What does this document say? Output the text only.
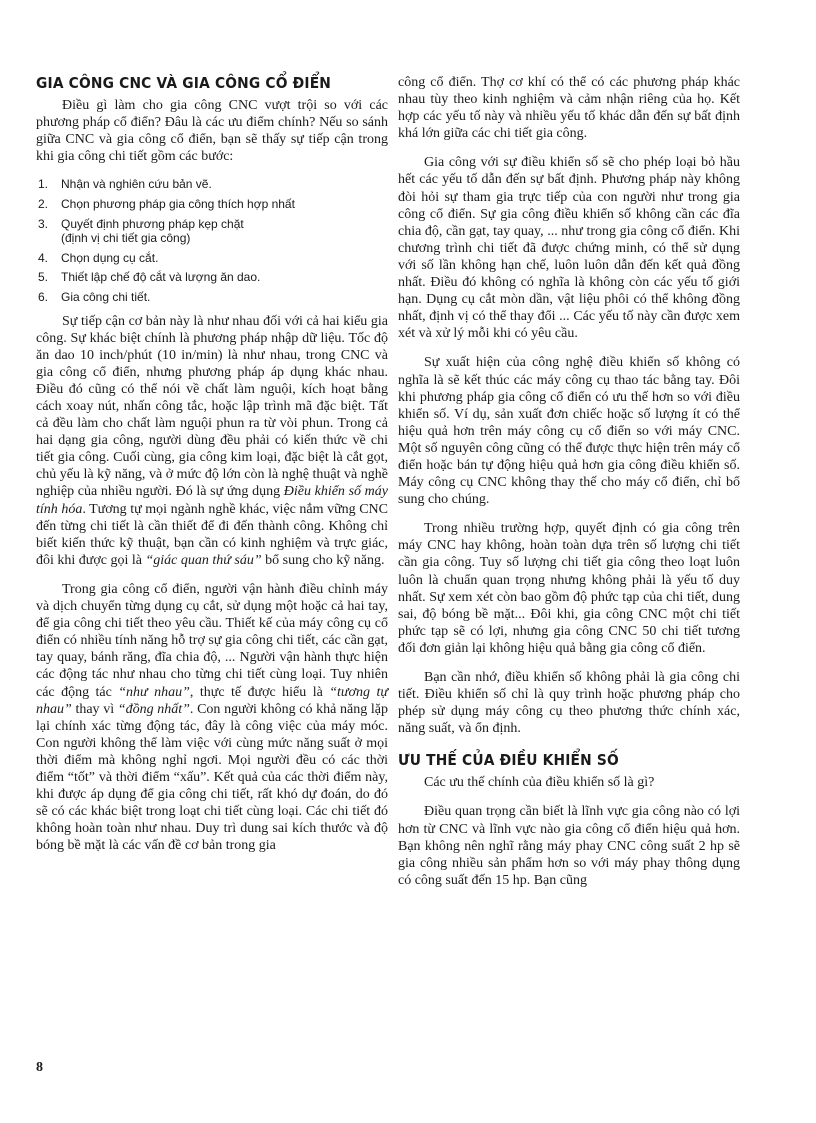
GIA CÔNG CNC VÀ GIA CÔNG CỔ ĐIỂN

Điều gì làm cho gia công CNC vượt trội so với các phương pháp cổ điển? Đâu là các ưu điểm chính? Nếu so sánh giữa CNC và gia công cổ điển, bạn sẽ thấy sự tiếp cận trong khi gia công chi tiết gồm các bước:

1. Nhận và nghiên cứu bản vẽ.
2. Chọn phương pháp gia công thích hợp nhất
3. Quyết định phương pháp kẹp chặt
(định vị chi tiết gia công)
4. Chọn dụng cụ cắt.
5. Thiết lập chế độ cắt và lượng ăn dao.
6. Gia công chi tiết.

Sự tiếp cận cơ bản này là như nhau đối với cả hai kiểu gia công. Sự khác biệt chính là phương pháp nhập dữ liệu. Tốc độ ăn dao 10 inch/phút (10 in/min) là như nhau, trong CNC và gia công cổ điển, nhưng phương pháp áp dụng khác nhau. Điều đó cũng có thể nói về chất làm nguội, kích hoạt bằng cách xoay nút, nhấn công tắc, hoặc lập trình mã đặc biệt. Tất cả đều làm cho chất làm nguội phun ra từ vòi phun. Trong cả hai dạng gia công, người dùng đều phải có kiến thức về chi tiết gia công. Cuối cùng, gia công kim loại, đặc biệt là cắt gọt, chủ yếu là kỹ năng, và ở mức độ lớn còn là nghệ thuật và nghề nghiệp của nhiều người. Đó là sự ứng dụng Điều khiển số máy tính hóa. Tương tự mọi ngành nghề khác, việc nắm vững CNC đến từng chi tiết là cần thiết để đi đến thành công. Không chỉ biết kiến thức kỹ thuật, bạn cần có kinh nghiệm và trực giác, đôi khi được gọi là “giác quan thứ sáu” bổ sung cho kỹ năng.

Trong gia công cổ điển, người vận hành điều chỉnh máy và dịch chuyển từng dụng cụ cắt, sử dụng một hoặc cả hai tay, để gia công chi tiết theo yêu cầu. Thiết kế của máy công cụ cổ điển có nhiều tính năng hỗ trợ sự gia công chi tiết, các cần gạt, tay quay, bánh răng, đĩa chia độ, ... Người vận hành thực hiện các động tác như nhau cho từng chi tiết cùng loại. Tuy nhiên các động tác “như nhau”, thực tế được hiểu là “tương tự nhau” thay vì “đồng nhất”. Con người không có khả năng lặp lại chính xác từng động tác, đây là công việc của máy móc. Con người không thể làm việc với cùng mức năng suất ở mọi thời điểm mà không nghỉ ngơi. Mọi người đều có các thời điểm “tốt” và thời điểm “xấu”. Kết quả của các thời điểm này, khi được áp dụng để gia công chi tiết, rất khó dự đoán, do đó sẽ có các khác biệt trong loạt chi tiết cùng loại. Các chi tiết đó không hoàn toàn như nhau. Duy trì dung sai kích thước và độ bóng bề mặt là các vấn đề cơ bản trong gia

công cổ điển. Thợ cơ khí có thể có các phương pháp khác nhau tùy theo kinh nghiệm và cảm nhận riêng của họ. Kết hợp các yếu tố này và nhiều yếu tố khác dẫn đến sự bất định khá lớn giữa các chi tiết gia công.

Gia công với sự điều khiển số sẽ cho phép loại bỏ hầu hết các yếu tố dẫn đến sự bất định. Phương pháp này không đòi hỏi sự tham gia trực tiếp của con người như trong gia công cổ điển. Sự gia công điều khiển số không cần các đĩa chia độ, cần gạt, tay quay, ... như trong gia công cổ điển. Khi chương trình chi tiết đã được chứng minh, có thể sử dụng với số lần không hạn chế, luôn luôn dẫn đến kết quả đồng nhất. Điều đó không có nghĩa là không còn các yếu tố giới hạn. Dụng cụ cắt mòn dần, vật liệu phôi có thể không đồng nhất, định vị có thể thay đổi ... Các yếu tố này cần được xem xét và xử lý mỗi khi có yêu cầu.

Sự xuất hiện của công nghệ điều khiển số không có nghĩa là sẽ kết thúc các máy công cụ thao tác bằng tay. Đôi khi phương pháp gia công cổ điển có ưu thế hơn so với điều khiển số. Ví dụ, sản xuất đơn chiếc hoặc số lượng ít có thể hiệu quả hơn trên máy công cụ cổ điển so với máy CNC. Một số nguyên công cũng có thể được thực hiện trên máy cổ điển hoặc bán tự động hiệu quả hơn gia công điều khiển số. Máy công cụ CNC không thay thế cho máy cổ điển, chỉ bổ sung cho chúng.

Trong nhiều trường hợp, quyết định có gia công trên máy CNC hay không, hoàn toàn dựa trên số lượng chi tiết cần gia công. Tuy số lượng chi tiết gia công theo loạt luôn luôn là chuẩn quan trọng nhưng không phải là yếu tố duy nhất. Sự xem xét còn bao gồm độ phức tạp của chi tiết, dung sai, độ bóng bề mặt... Đôi khi, gia công CNC một chi tiết phức tạp sẽ có lợi, nhưng gia công CNC 50 chi tiết tương đối đơn giản lại không hiệu quả bằng gia công cổ điển.

Bạn cần nhớ, điều khiển số không phải là gia công chi tiết. Điều khiển số chỉ là quy trình hoặc phương pháp cho phép sử dụng máy công cụ theo phương thức chính xác, năng suất, và ổn định.

ƯU THẾ CỦA ĐIỀU KHIỂN SỐ

Các ưu thế chính của điều khiển số là gì?

Điều quan trọng cần biết là lĩnh vực gia công nào có lợi hơn từ CNC và lĩnh vực nào gia công cổ điển hiệu quả hơn. Bạn không nên nghĩ rằng máy phay CNC công suất 2 hp sẽ gia công nhiều sản phẩm hơn so với máy phay thông dụng có công suất đến 15 hp. Bạn cũng

8
